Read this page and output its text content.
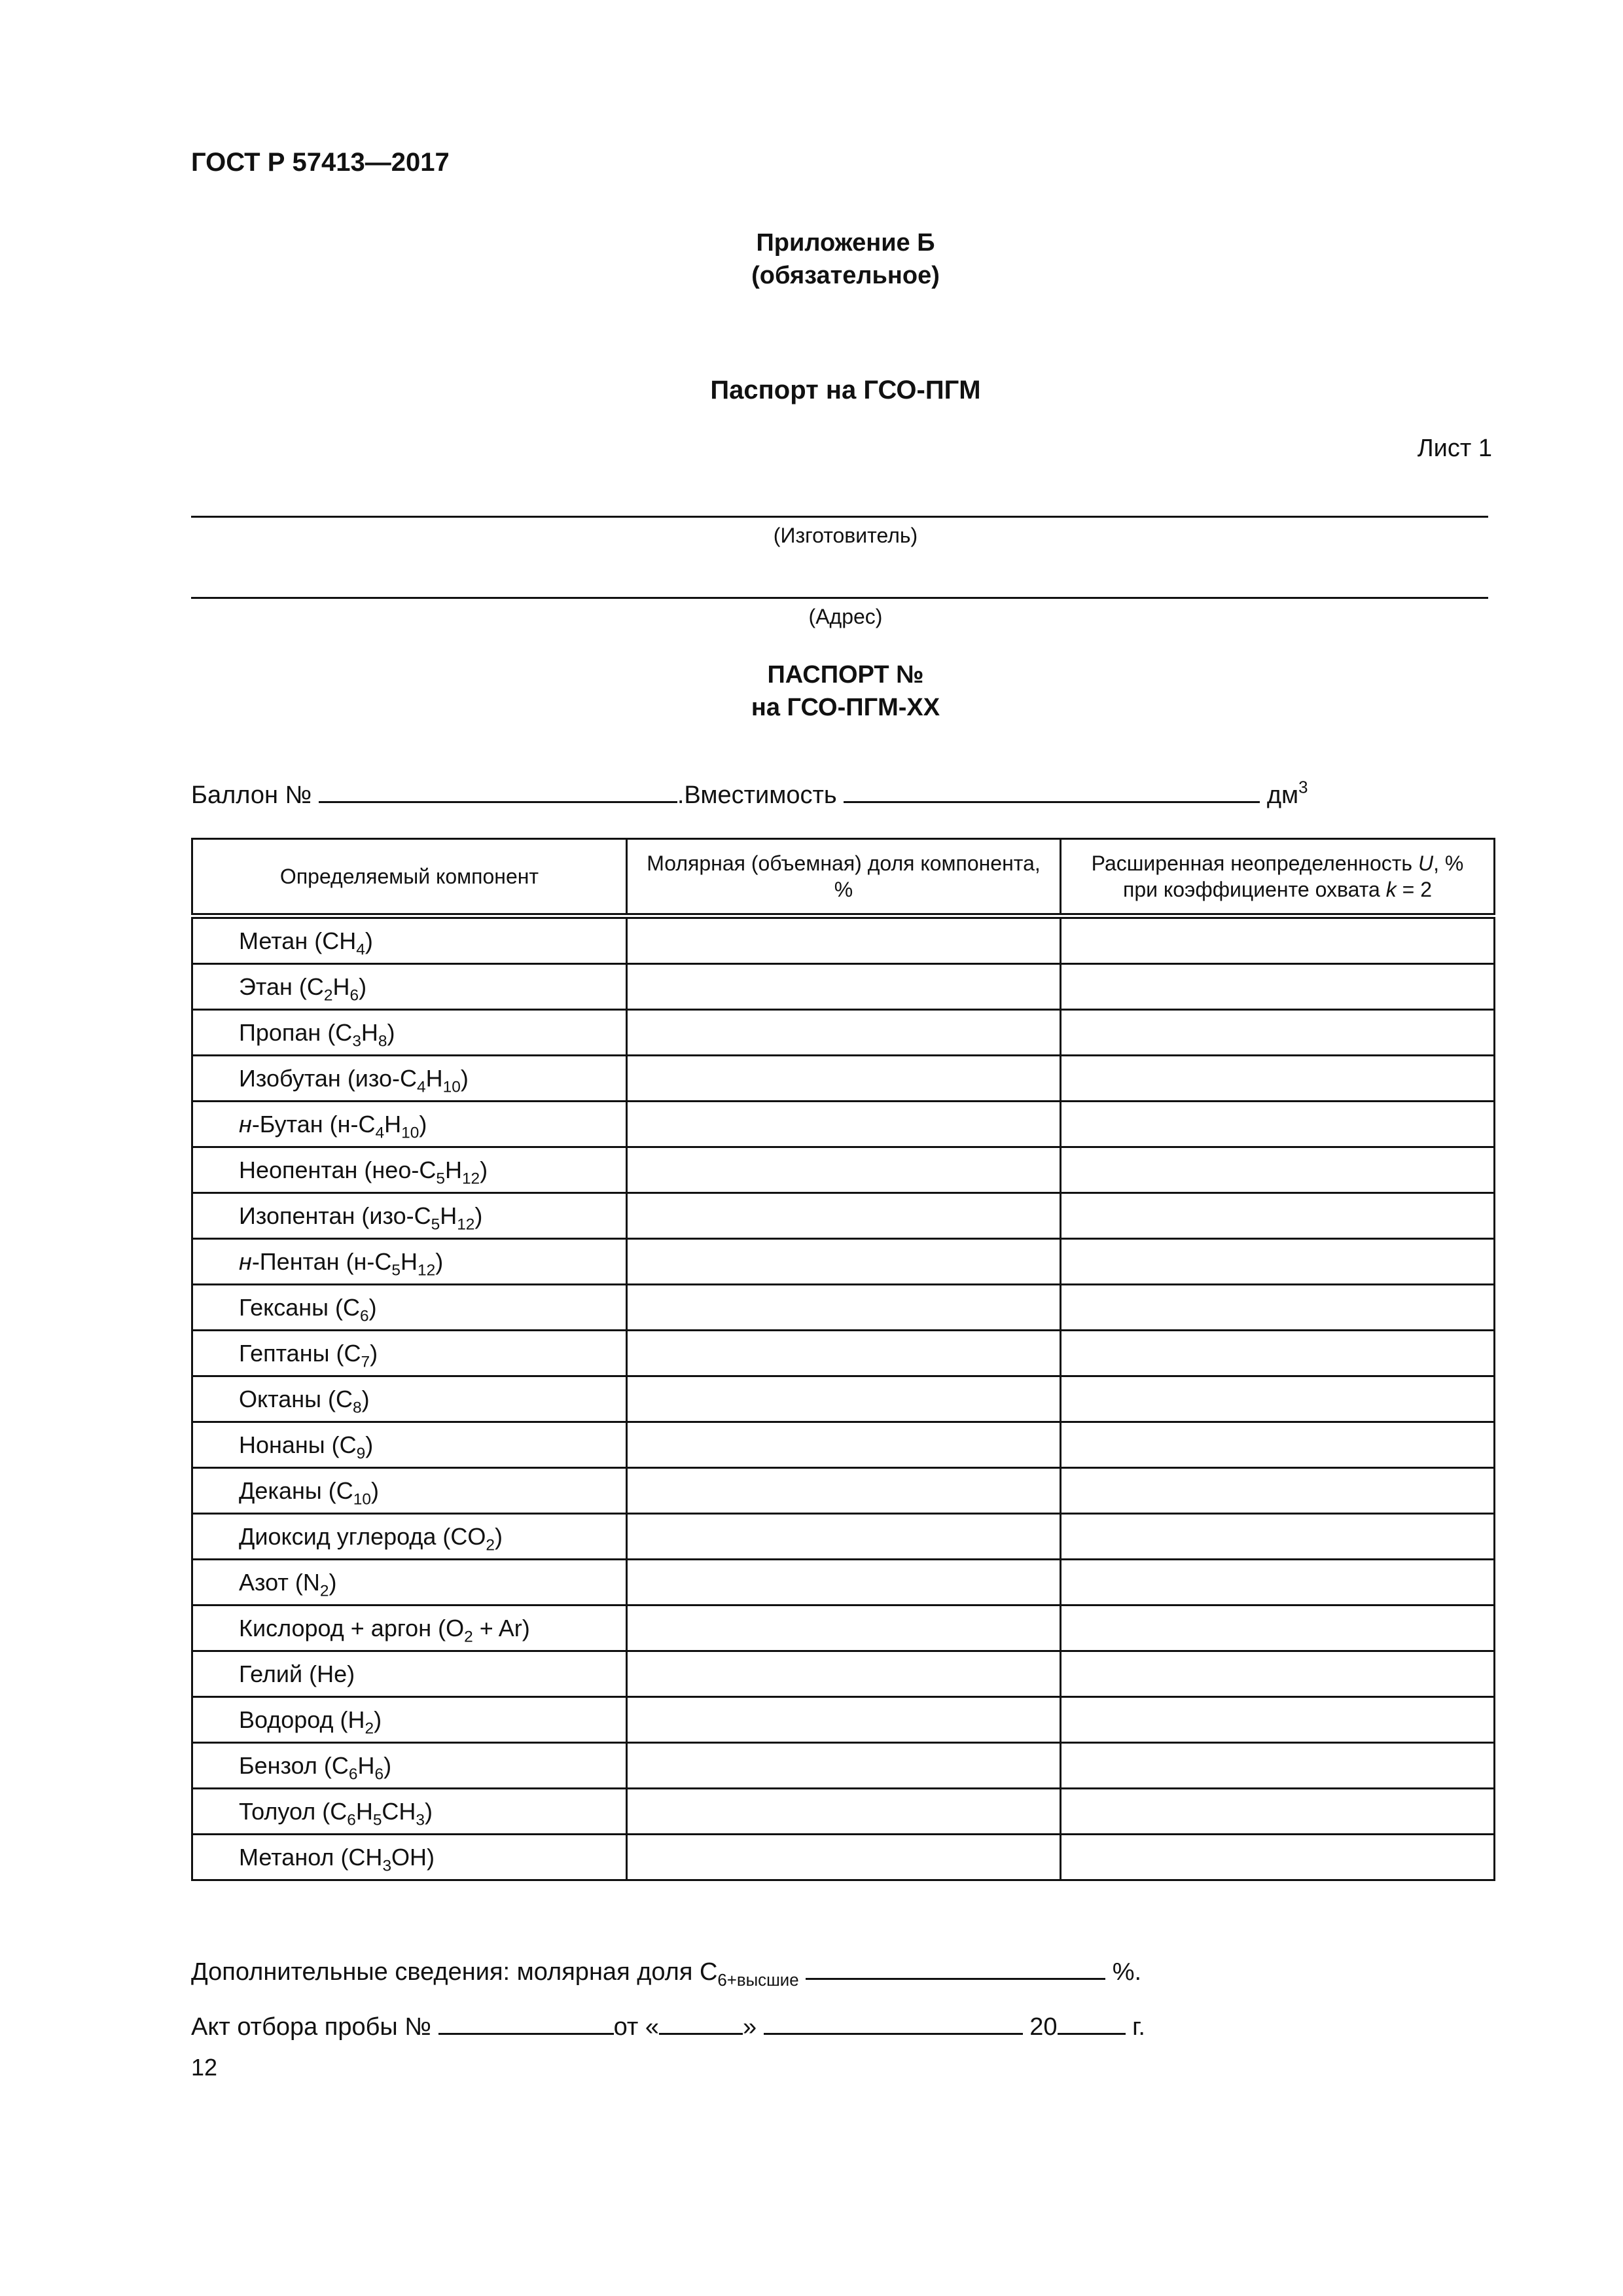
ГОСТ Р 57413—2017
Приложение Б
(обязательное)
Паспорт на ГСО-ПГМ
Лист 1
(Изготовитель)
(Адрес)
ПАСПОРТ №
на ГСО-ПГМ-ХХ
Баллон №	.Вместимость	$дм^3$
Определяемый компонент	Молярная (объемная) доля компонента, %	Расширенная неопределенность U, % при коэффициенте охвата k = 2
Метан $(CH_4)$		
Этан $(C_2H_6)$		
Пропан $(C_3H_8)$		
Изобутан $(изо-C_4H_{10})$		
н-Бутан $(н-C_4H_{10})$		
Неопентан $(нео-C_5H_{12})$		
Изопентан $(изо-C_5H_{12})$		
н-Пентан $(н-C_5H_{12})$		
Гексаны $(C_6)$		
Гептаны $(C_7)$		
Октаны $(C_8)$		
Нонаны $(C_9)$		
Деканы $(C_{10})$		
Диоксид углерода $(CO_2)$		
Азот $(N_2)$		
Кислород + аргон $(O_2 + Ar)$		
Гелий (He)		
Водород $(H_2)$		
Бензол $(C_6H_6)$		
Толуол $(C_6H_5CH_3)$		
Метанол $(CH_3OH)$		
Дополнительные сведения: молярная доля $C_{6+высшие}$	%.
Акт отбора пробы №	от «	»	20	г.
12
